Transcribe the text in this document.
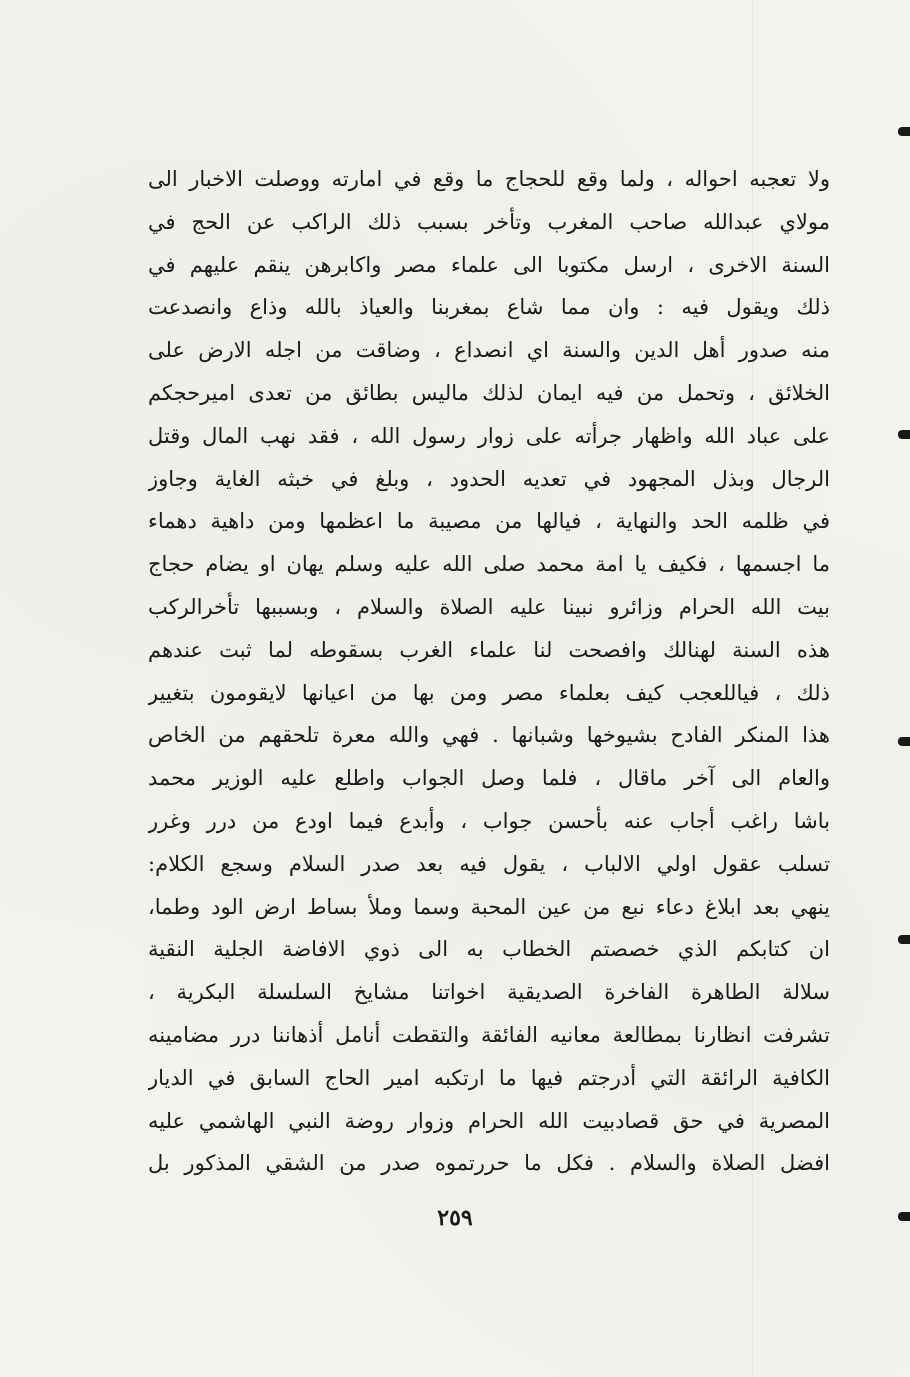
ولا تعجبه احواله ، ولما وقع للحجاج ما وقع في امارته ووصلت الاخبار الى
مولاي عبدالله صاحب المغرب وتأخر بسبب ذلك الراكب عن الحج في
السنة الاخرى ، ارسل مكتوبا الى علماء مصر واكابرهن ينقم عليهم في
ذلك ويقول فيه : وان مما شاع بمغربنا والعياذ بالله وذاع وانصدعت
منه صدور أهل الدين والسنة اي انصداع ، وضاقت من اجله الارض على
الخلائق ، وتحمل من فيه ايمان لذلك ماليس بطائق من تعدى اميرحجكم
على عباد الله واظهار جرأته على زوار رسول الله ، فقد نهب المال وقتل
الرجال وبذل المجهود في تعديه الحدود ، وبلغ في خبثه الغاية وجاوز
في ظلمه الحد والنهاية ، فيالها من مصيبة ما اعظمها ومن داهية دهماء
ما اجسمها ، فكيف يا امة محمد صلى الله عليه وسلم يهان او يضام حجاج
بيت الله الحرام وزائرو نبينا عليه الصلاة والسلام ، وبسببها تأخرالركب
هذه السنة لهنالك وافصحت لنا علماء الغرب بسقوطه لما ثبت عندهم
ذلك ، فياللعجب كيف بعلماء مصر ومن بها من اعيانها لايقومون بتغيير
هذا المنكر الفادح بشيوخها وشبانها . فهي والله معرة تلحقهم من الخاص
والعام الى آخر ماقال ، فلما وصل الجواب واطلع عليه الوزير محمد
باشا راغب أجاب عنه بأحسن جواب ، وأبدع فيما اودع من درر وغرر
تسلب عقول اولي الالباب ، يقول فيه بعد صدر السلام وسجع الكلام:
ينهي بعد ابلاغ دعاء نبع من عين المحبة وسما وملأ بساط ارض الود وطما،
ان كتابكم الذي خصصتم الخطاب به الى ذوي الافاضة الجلية النقية
سلالة الطاهرة الفاخرة الصديقية اخواتنا مشايخ السلسلة البكرية ،
تشرفت انظارنا بمطالعة معانيه الفائقة والتقطت أنامل أذهاننا درر مضامينه
الكافية الرائقة التي أدرجتم فيها ما ارتكبه امير الحاج السابق في الديار
المصرية في حق قصادبيت الله الحرام وزوار روضة النبي الهاشمي عليه
افضل الصلاة والسلام . فكل ما حررتموه صدر من الشقي المذكور بل
٢٥٩
